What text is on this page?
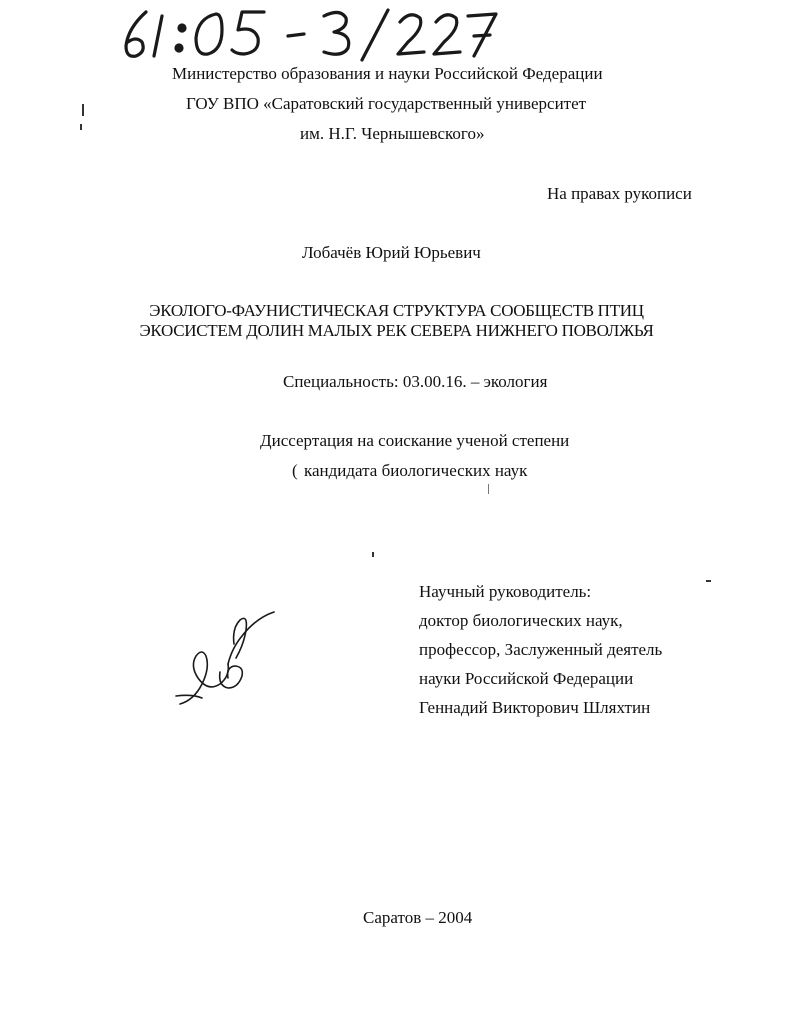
Министерство образования и науки Российской Федерации
ГОУ ВПО «Саратовский государственный университет
им. Н.Г. Чернышевского»
На правах рукописи
Лобачёв Юрий Юрьевич
ЭКОЛОГО-ФАУНИСТИЧЕСКАЯ СТРУКТУРА СООБЩЕСТВ ПТИЦ
ЭКОСИСТЕМ ДОЛИН МАЛЫХ РЕК СЕВЕРА НИЖНЕГО ПОВОЛЖЬЯ
Специальность: 03.00.16. – экология
Диссертация на соискание ученой степени
( кандидата биологических наук
Научный руководитель:
доктор биологических наук,
профессор, Заслуженный деятель
науки Российской Федерации
Геннадий Викторович Шляхтин
Саратов – 2004
